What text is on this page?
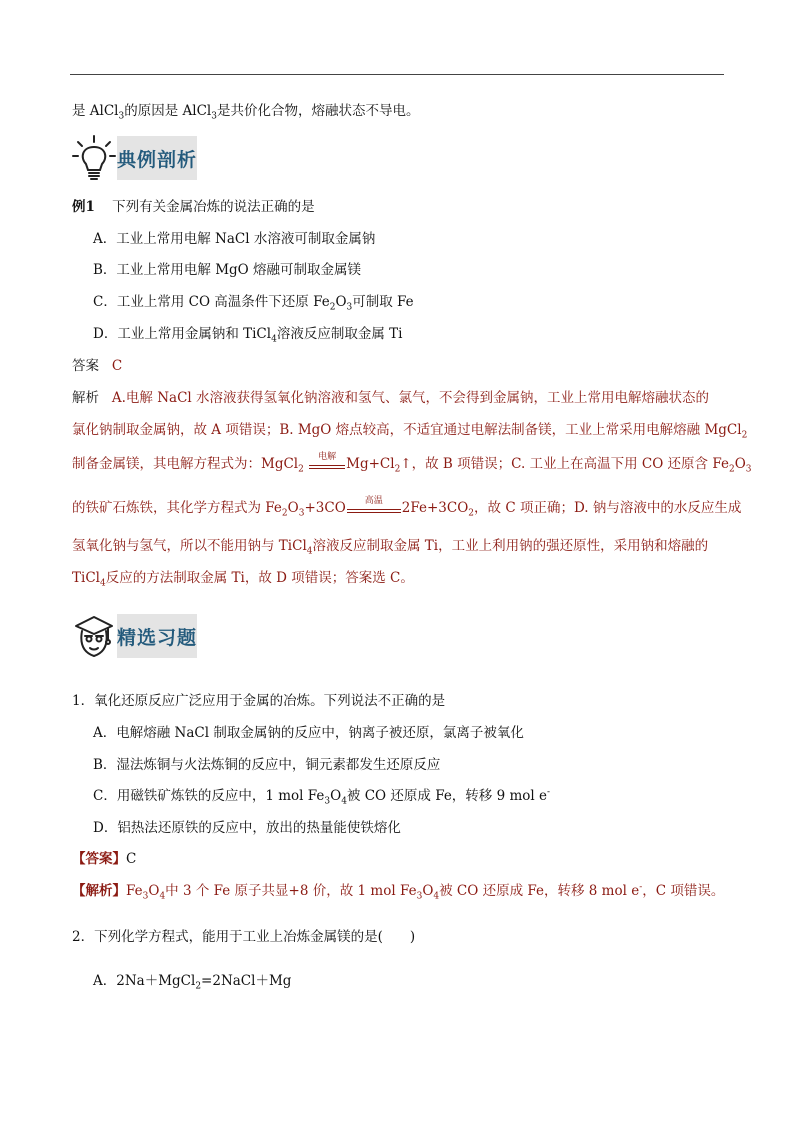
是 AlCl$_3$的原因是 AlCl$_3$是共价化合物，熔融状态不导电。
典例剖析
例1 下列有关金属冶炼的说法正确的是
A．工业上常用电解 NaCl 水溶液可制取金属钠
B．工业上常用电解 MgO 熔融可制取金属镁
C．工业上常用 CO 高温条件下还原 $Fe_2O_3$可制取 Fe
D．工业上常用金属钠和 TiCl$_4$溶液反应制取金属 Ti
答案 C
解析 A.电解 NaCl 水溶液获得氢氧化钠溶液和氢气、氯气，不会得到金属钠，工业上常用电解熔融状态的
氯化钠制取金属钠，故 A 项错误；B. MgO 熔点较高，不适宜通过电解法制备镁，工业上常采用电解熔融 MgCl$_2$
制备金属镁，其电解方程式为：MgCl$_2$
电解 $Mg+Cl_2↑$，故 B 项错误；C. 工业上在高温下用 CO 还原含 $Fe_2O_3$
的铁矿石炼铁，其化学方程式为 $Fe_2O_3+3CO$	高温	$2Fe+3CO_2$，故 C 项正确；D. 钠与溶液中的水反应生成
氢氧化钠与氢气，所以不能用钠与 TiCl$_4$溶液反应制取金属 Ti，工业上利用钠的强还原性，采用钠和熔融的
TiCl$_4$反应的方法制取金属 Ti，故 D 项错误；答案选 C。
精选习题
1．氧化还原反应广泛应用于金属的冶炼。下列说法不正确的是
A．电解熔融 NaCl 制取金属钠的反应中，钠离子被还原，氯离子被氧化
B．湿法炼铜与火法炼铜的反应中，铜元素都发生还原反应
C．用磁铁矿炼铁的反应中，1 mol $Fe_3O_4$被 CO 还原成 Fe，转移 9 mol e-
D．铝热法还原铁的反应中，放出的热量能使铁熔化
【答案】C
【解析】$Fe_3O_4$中 3 个 Fe 原子共显+8 价，故 1 mol $Fe_3O_4$被 CO 还原成 Fe，转移 8 mol e-，C 项错误。
2．下列化学方程式，能用于工业上冶炼金属镁的是(　　)
A．2Na＋MgCl$_2$=2NaCl＋Mg
